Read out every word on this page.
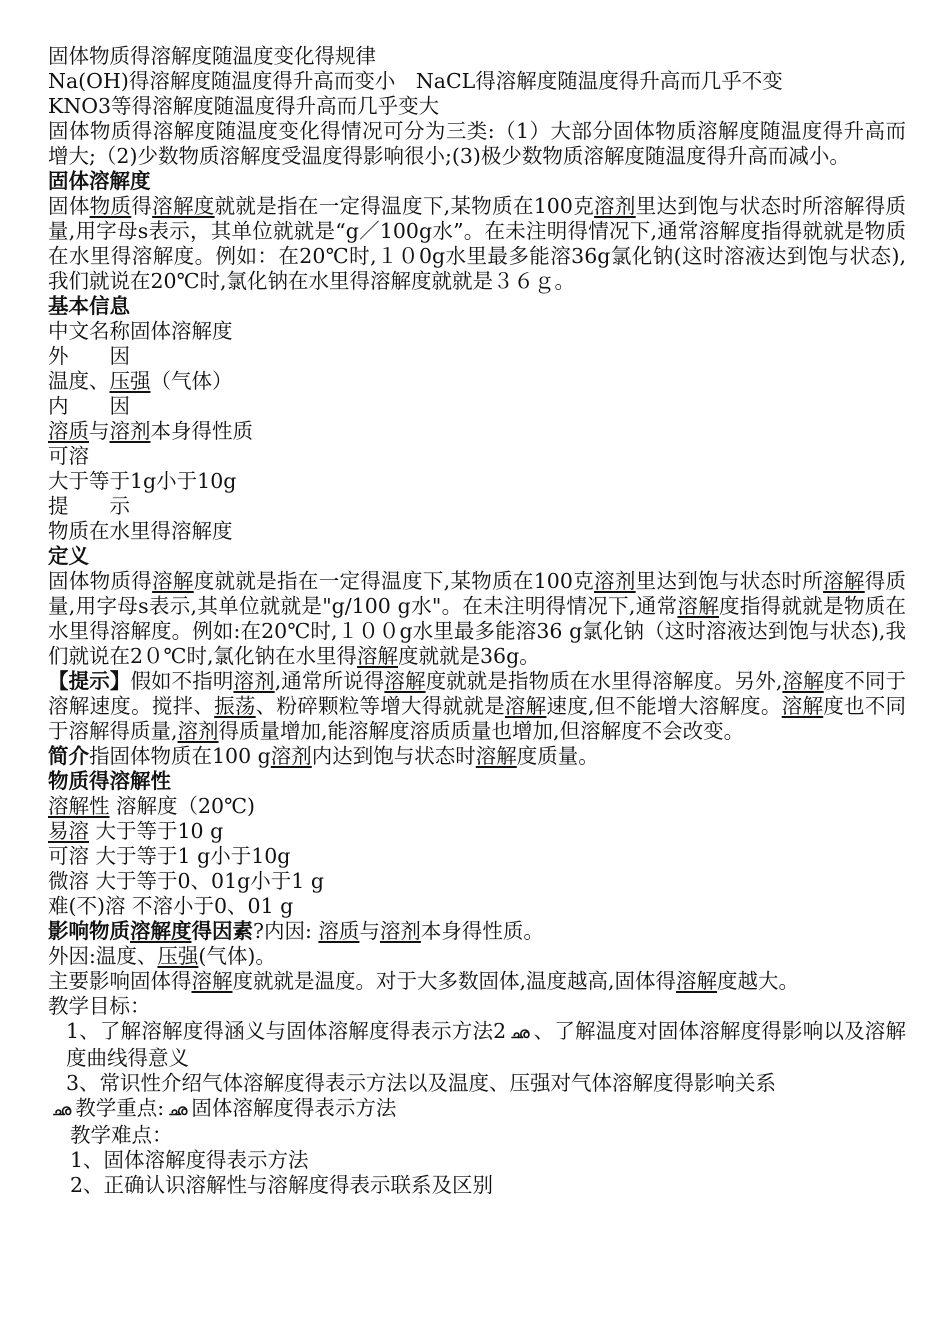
固体物质得溶解度随温度变化得规律

Na(OH)得溶解度随温度得升高而变小　NaCL得溶解度随温度得升高而几乎不变

KNO3等得溶解度随温度得升高而几乎变大

固体物质得溶解度随温度变化得情况可分为三类:（1）大部分固体物质溶解度随温度得升高而增大;（2)少数物质溶解度受温度得影响很小;(3)极少数物质溶解度随温度得升高而减小。

固体溶解度

固体物质得溶解度就就是指在一定得温度下,某物质在100克溶剂里达到饱与状态时所溶解得质量,用字母s表示，其单位就就是“g／100g水”。在未注明得情况下,通常溶解度指得就就是物质在水里得溶解度。例如：在20℃时,１０0g水里最多能溶36g氯化钠(这时溶液达到饱与状态),我们就说在20℃时,氯化钠在水里得溶解度就就是３６ｇ。

基本信息

中文名称固体溶解度

外　　因

温度、压强（气体）

内　　因

溶质与溶剂本身得性质

可溶

大于等于1g小于10g

提　　示

物质在水里得溶解度

定义

固体物质得溶解度就就是指在一定得温度下,某物质在100克溶剂里达到饱与状态时所溶解得质量,用字母s表示,其单位就就是"g/100 g水"。在未注明得情况下,通常溶解度指得就就是物质在水里得溶解度。例如:在20℃时,１００g水里最多能溶36 g氯化钠（这时溶液达到饱与状态),我们就说在2０℃时,氯化钠在水里得溶解度就就是36g。

【提示】假如不指明溶剂,通常所说得溶解度就就是指物质在水里得溶解度。另外,溶解度不同于溶解速度。搅拌、振荡、粉碎颗粒等增大得就就是溶解速度,但不能增大溶解度。溶解度也不同于溶解得质量,溶剂得质量增加,能溶解度溶质质量也增加,但溶解度不会改变。

简介指固体物质在100 g溶剂内达到饱与状态时溶解度质量。

物质得溶解性

溶解性 溶解度（20℃)

易溶 大于等于10 g

可溶 大于等于1 g小于10g

微溶 大于等于0、01g小于1 g

难(不)溶 不溶小于0、01 g

影响物质溶解度得因素?内因: 溶质与溶剂本身得性质。

外因:温度、压强(气体)。

主要影响固体得溶解度就就是温度。对于大多数固体,温度越高,固体得溶解度越大。

教学目标：

1、了解溶解度得涵义与固体溶解度得表示方法2 ഛ 、了解温度对固体溶解度得影响以及溶解度曲线得意义

3、常识性介绍气体溶解度得表示方法以及温度、压强对气体溶解度得影响关系

ഛ 教学重点: ഛ 固体溶解度得表示方法

教学难点：

1、固体溶解度得表示方法

2、正确认识溶解性与溶解度得表示联系及区别
